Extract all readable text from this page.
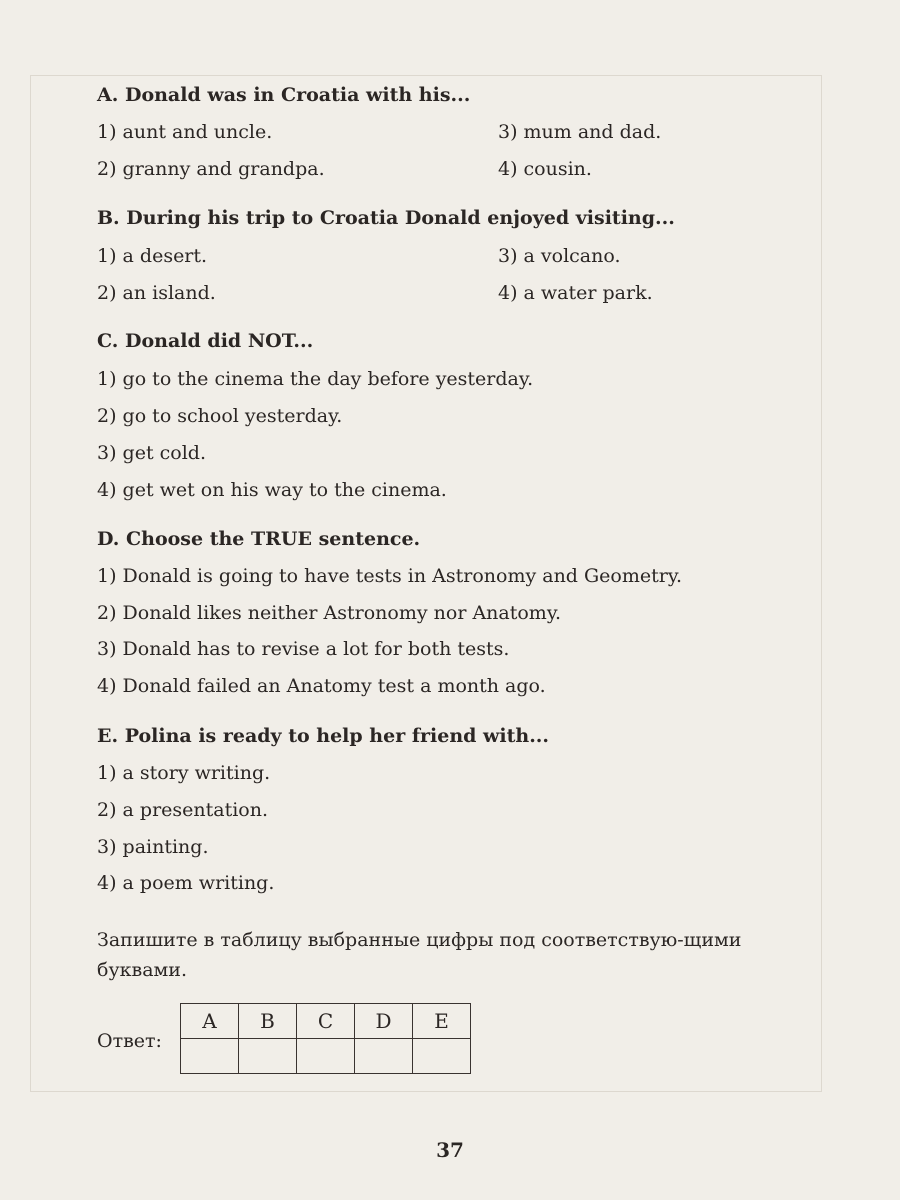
A. Donald was in Croatia with his...
1) aunt and uncle.
2) granny and grandpa.
3) mum and dad.
4) cousin.
B. During his trip to Croatia Donald enjoyed visiting...
1) a desert.
2) an island.
3) a volcano.
4) a water park.
C. Donald did NOT...
1) go to the cinema the day before yesterday.
2) go to school yesterday.
3) get cold.
4) get wet on his way to the cinema.
D. Choose the TRUE sentence.
1) Donald is going to have tests in Astronomy and Geometry.
2) Donald likes neither Astronomy nor Anatomy.
3) Donald has to revise a lot for both tests.
4) Donald failed an Anatomy test a month ago.
E. Polina is ready to help her friend with...
1) a story writing.
2) a presentation.
3) painting.
4) a poem writing.
Запишите в таблицу выбранные цифры под соответствую-щими буквами.
Ответ:
A	B	C	D	E

37
